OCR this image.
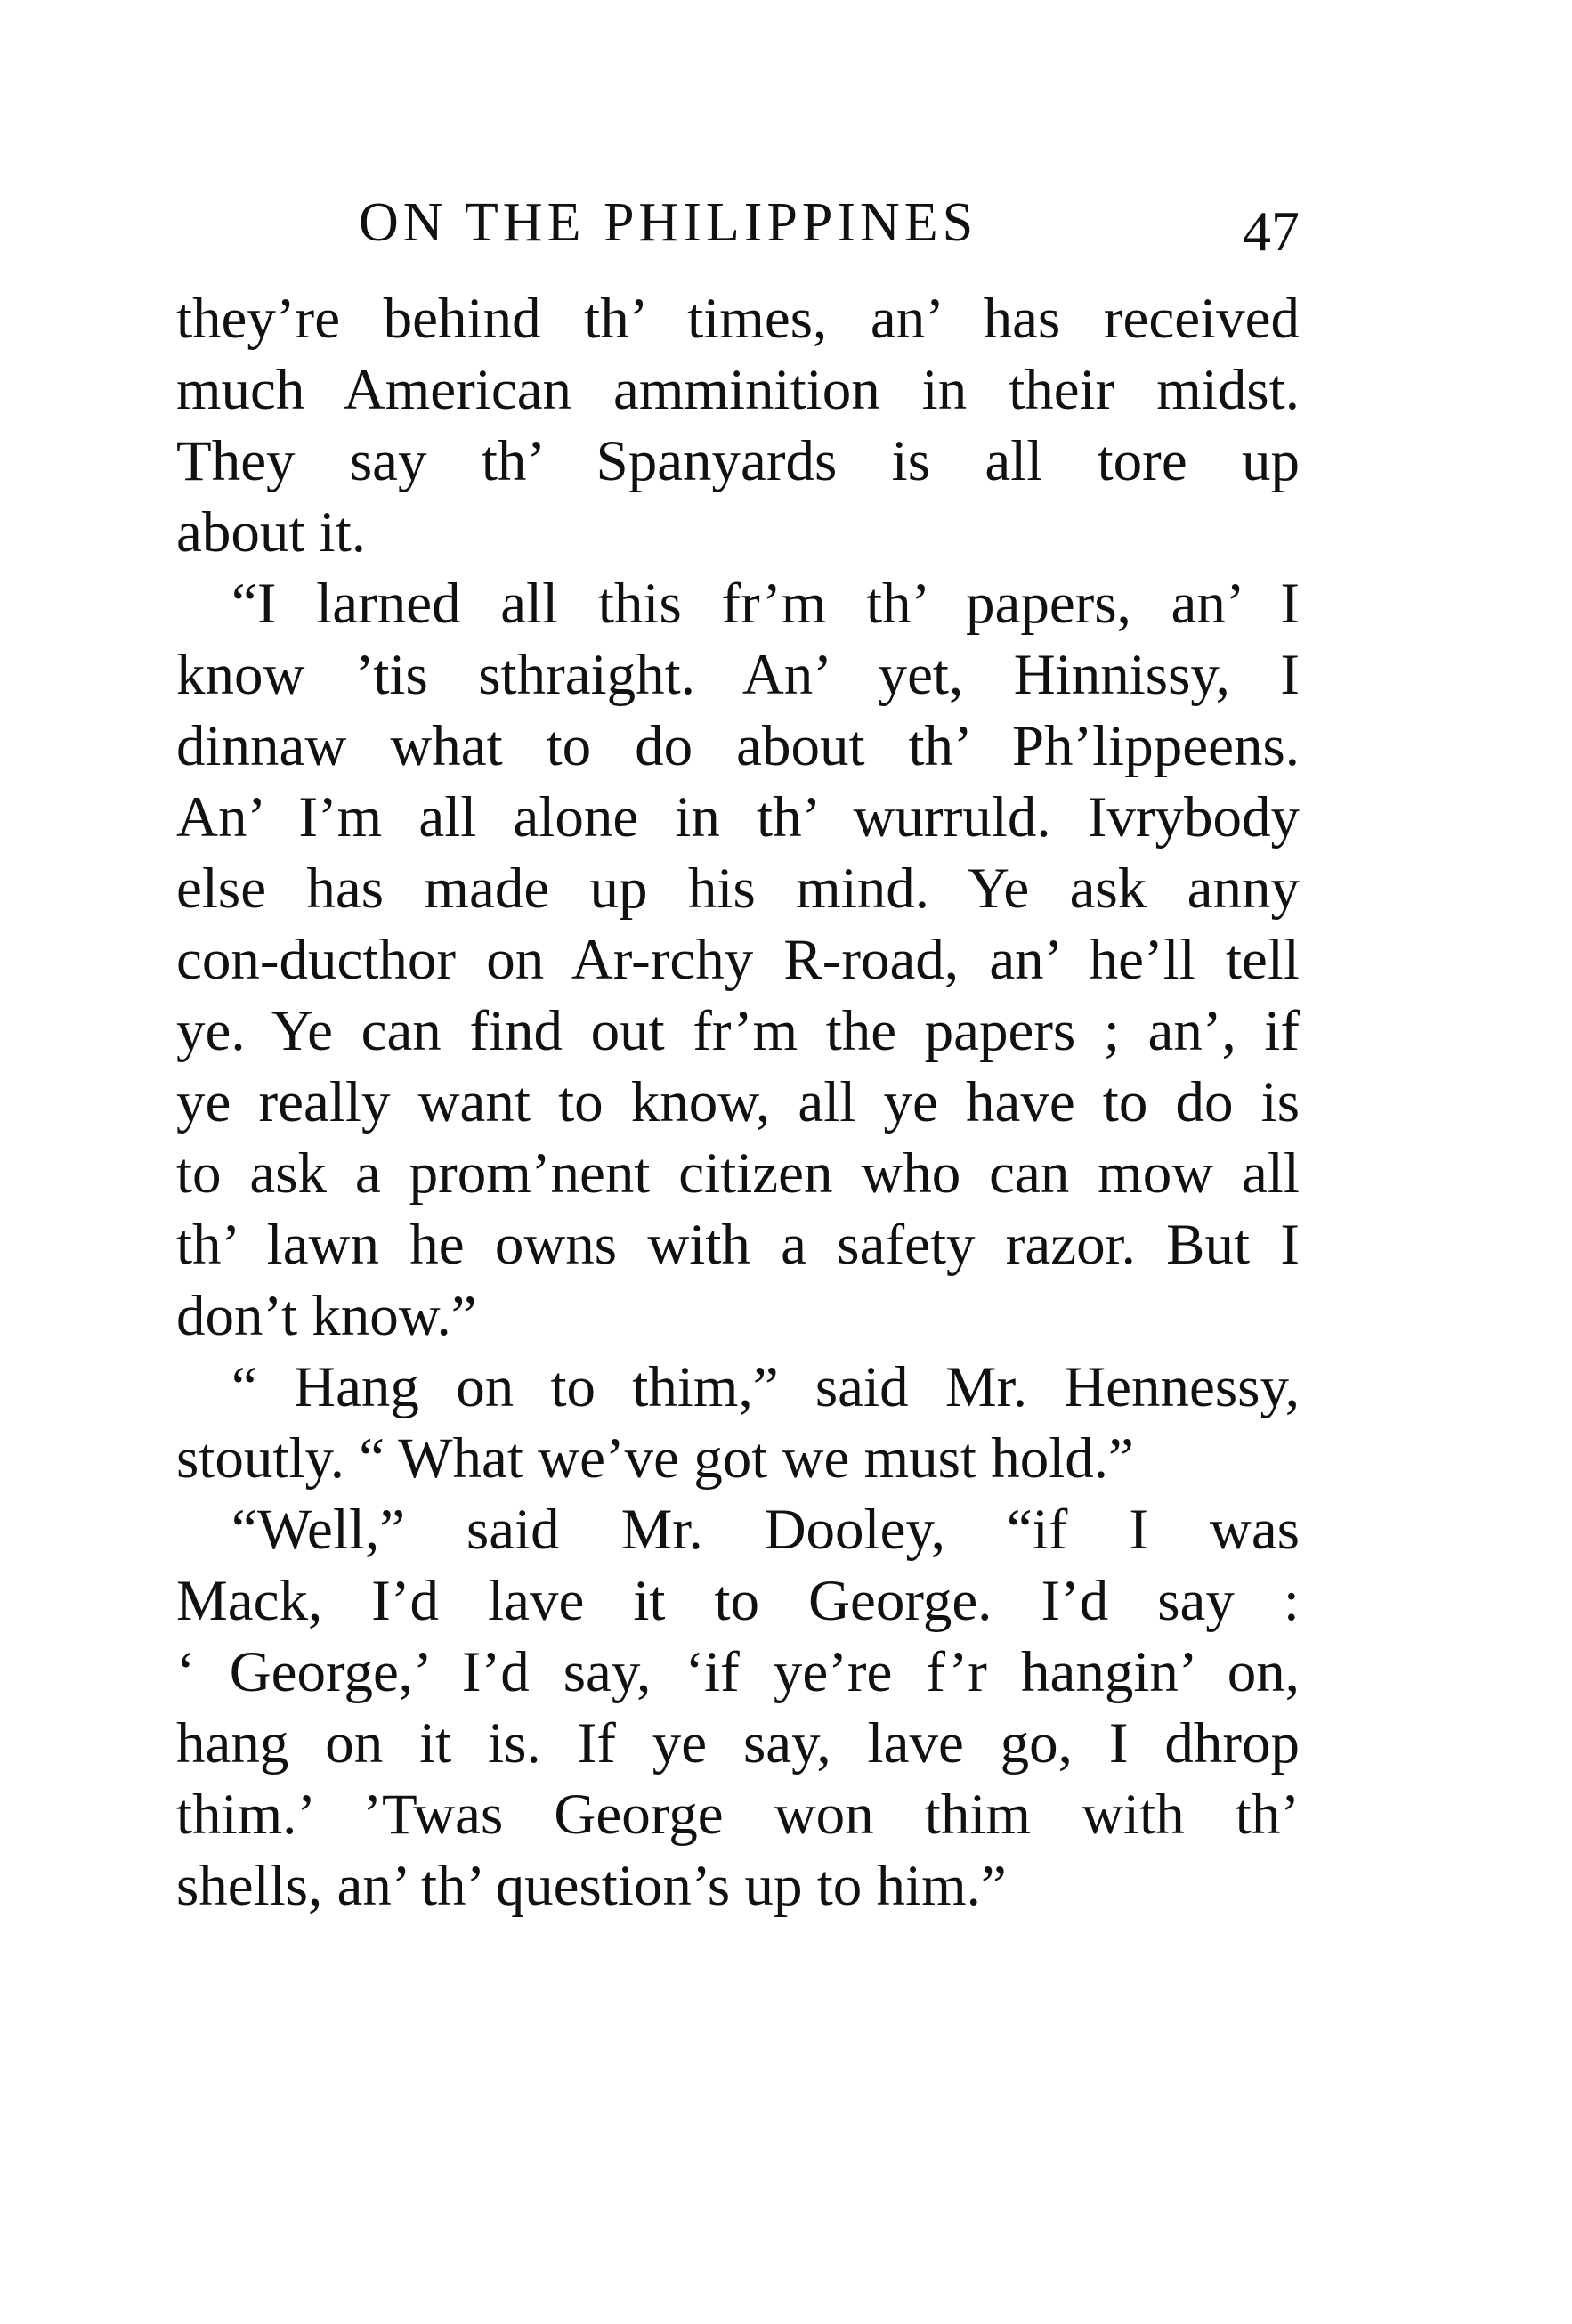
ON THE PHILIPPINES	47
they’re behind th’ times, an’ has received
much American amminition in their midst.
They say th’ Spanyards is all tore up
about it.
“I larned all this fr’m th’ papers, an’ I
know ’tis sthraight. An’ yet, Hinnissy, I
dinnaw what to do about th’ Ph’lippeens.
An’ I’m all alone in th’ wurruld. Ivrybody
else has made up his mind. Ye ask anny
con-ducthor on Ar-rchy R-road, an’ he’ll tell
ye. Ye can find out fr’m the papers ; an’, if
ye really want to know, all ye have to do is
to ask a prom’nent citizen who can mow all
th’ lawn he owns with a safety razor. But I
don’t know.”
“ Hang on to thim,” said Mr. Hennessy,
stoutly. “ What we’ve got we must hold.”
“Well,” said Mr. Dooley, “if I was
Mack, I’d lave it to George. I’d say :
‘ George,’ I’d say, ‘if ye’re f’r hangin’ on,
hang on it is. If ye say, lave go, I dhrop
thim.’ ’Twas George won thim with th’
shells, an’ th’ question’s up to him.”
